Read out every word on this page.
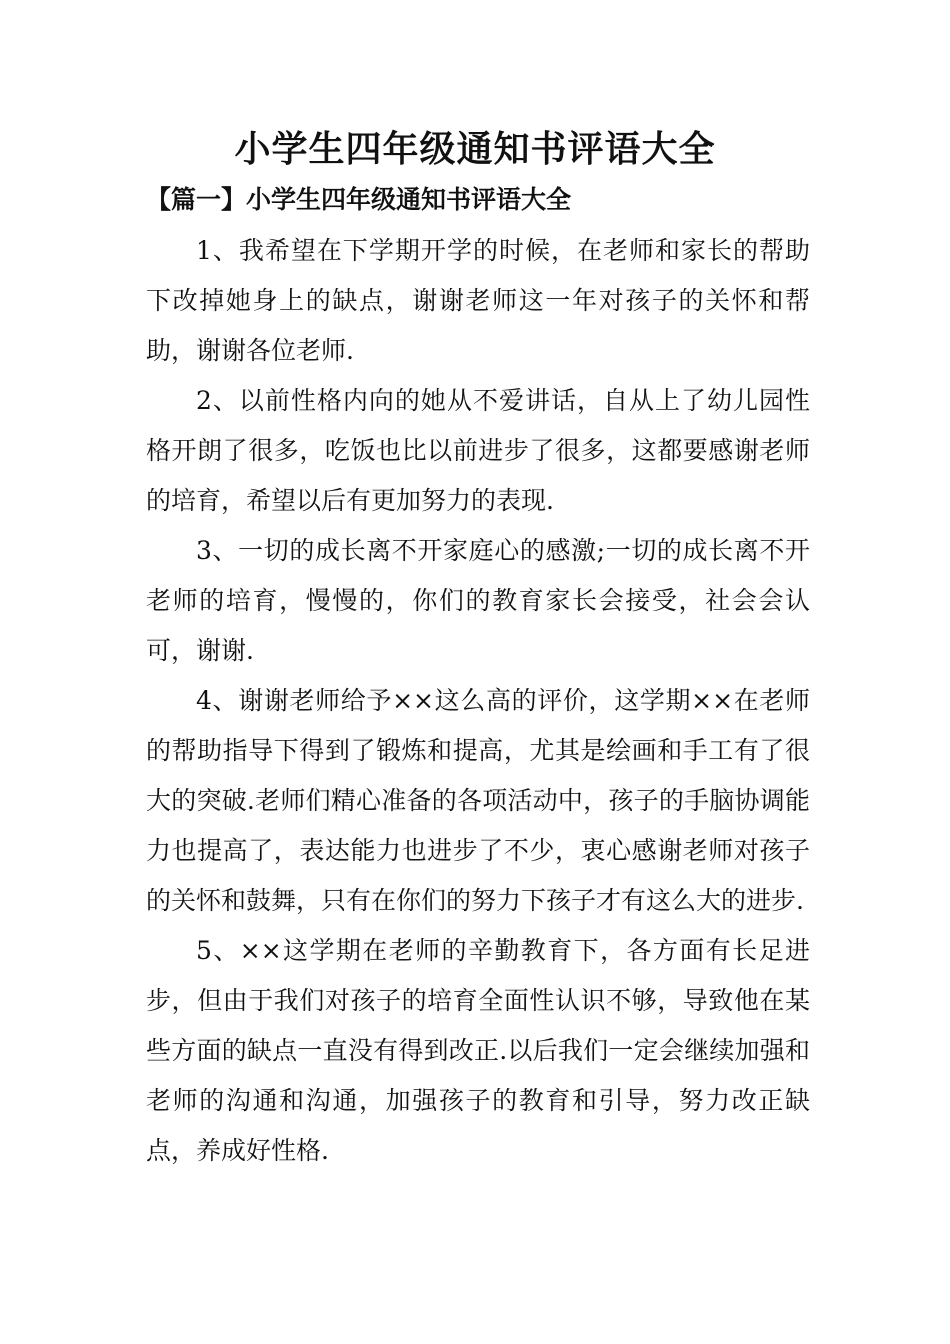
小学生四年级通知书评语大全
【篇一】小学生四年级通知书评语大全

1、我希望在下学期开学的时候，在老师和家长的帮助下改掉她身上的缺点，谢谢老师这一年对孩子的关怀和帮助，谢谢各位老师.

2、以前性格内向的她从不爱讲话，自从上了幼儿园性格开朗了很多，吃饭也比以前进步了很多，这都要感谢老师的培育，希望以后有更加努力的表现.

3、一切的成长离不开家庭心的感激;一切的成长离不开老师的培育，慢慢的，你们的教育家长会接受，社会会认可，谢谢.

4、谢谢老师给予××这么高的评价，这学期××在老师的帮助指导下得到了锻炼和提高，尤其是绘画和手工有了很大的突破.老师们精心准备的各项活动中，孩子的手脑协调能力也提高了，表达能力也进步了不少，衷心感谢老师对孩子的关怀和鼓舞，只有在你们的努力下孩子才有这么大的进步.

5、××这学期在老师的辛勤教育下，各方面有长足进步，但由于我们对孩子的培育全面性认识不够，导致他在某些方面的缺点一直没有得到改正.以后我们一定会继续加强和老师的沟通和沟通，加强孩子的教育和引导，努力改正缺点，养成好性格.
